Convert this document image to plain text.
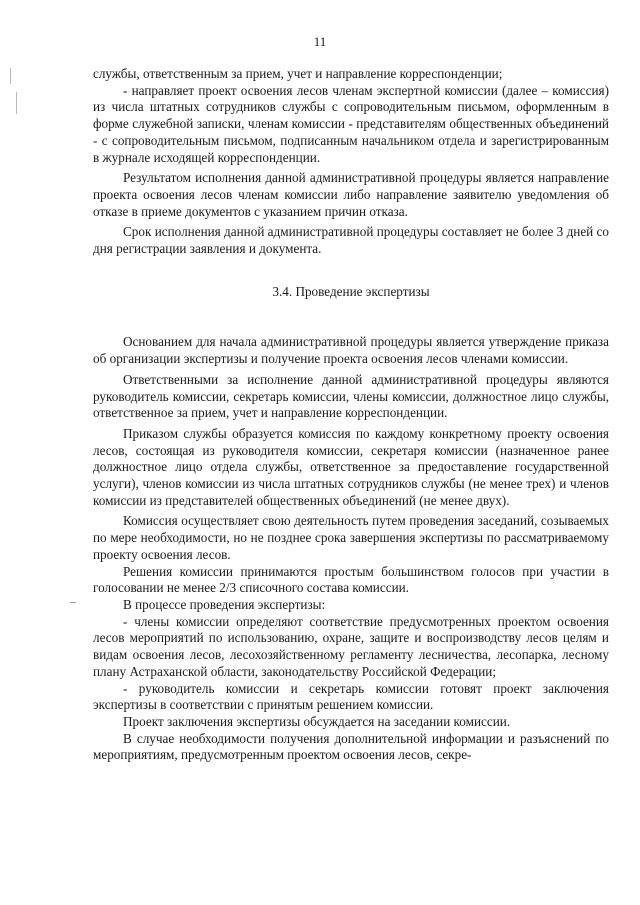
11

службы, ответственным за прием, учет и направление корреспонденции;

- направляет проект освоения лесов членам экспертной комиссии (далее – комиссия) из числа штатных сотрудников службы с сопроводительным письмом, оформленным в форме служебной записки, членам комиссии - представителям общественных объединений - с сопроводительным письмом, подписанным начальником отдела и зарегистрированным в журнале исходящей корреспонденции.

Результатом исполнения данной административной процедуры является направление проекта освоения лесов членам комиссии либо направление заявителю уведомления об отказе в приеме документов с указанием причин отказа.

Срок исполнения данной административной процедуры составляет не более 3 дней со дня регистрации заявления и документа.

3.4. Проведение экспертизы

Основанием для начала административной процедуры является утверждение приказа об организации экспертизы и получение проекта освоения лесов членами комиссии.

Ответственными за исполнение данной административной процедуры являются руководитель комиссии, секретарь комиссии, члены комиссии, должностное лицо службы, ответственное за прием, учет и направление корреспонденции.

Приказом службы образуется комиссия по каждому конкретному проекту освоения лесов, состоящая из руководителя комиссии, секретаря комиссии (назначенное ранее должностное лицо отдела службы, ответственное за предоставление государственной услуги), членов комиссии из числа штатных сотрудников службы (не менее трех) и членов комиссии из представителей общественных объединений (не менее двух).

Комиссия осуществляет свою деятельность путем проведения заседаний, созываемых по мере необходимости, но не позднее срока завершения экспертизы по рассматриваемому проекту освоения лесов.

Решения комиссии принимаются простым большинством голосов при участии в голосовании не менее 2/3 списочного состава комиссии.

В процессе проведения экспертизы:

- члены комиссии определяют соответствие предусмотренных проектом освоения лесов мероприятий по использованию, охране, защите и воспроизводству лесов целям и видам освоения лесов, лесохозяйственному регламенту лесничества, лесопарка, лесному плану Астраханской области, законодательству Российской Федерации;

- руководитель комиссии и секретарь комиссии готовят проект заключения экспертизы в соответствии с принятым решением комиссии.

Проект заключения экспертизы обсуждается на заседании комиссии.

В случае необходимости получения дополнительной информации и разъяснений по мероприятиям, предусмотренным проектом освоения лесов, секре-
